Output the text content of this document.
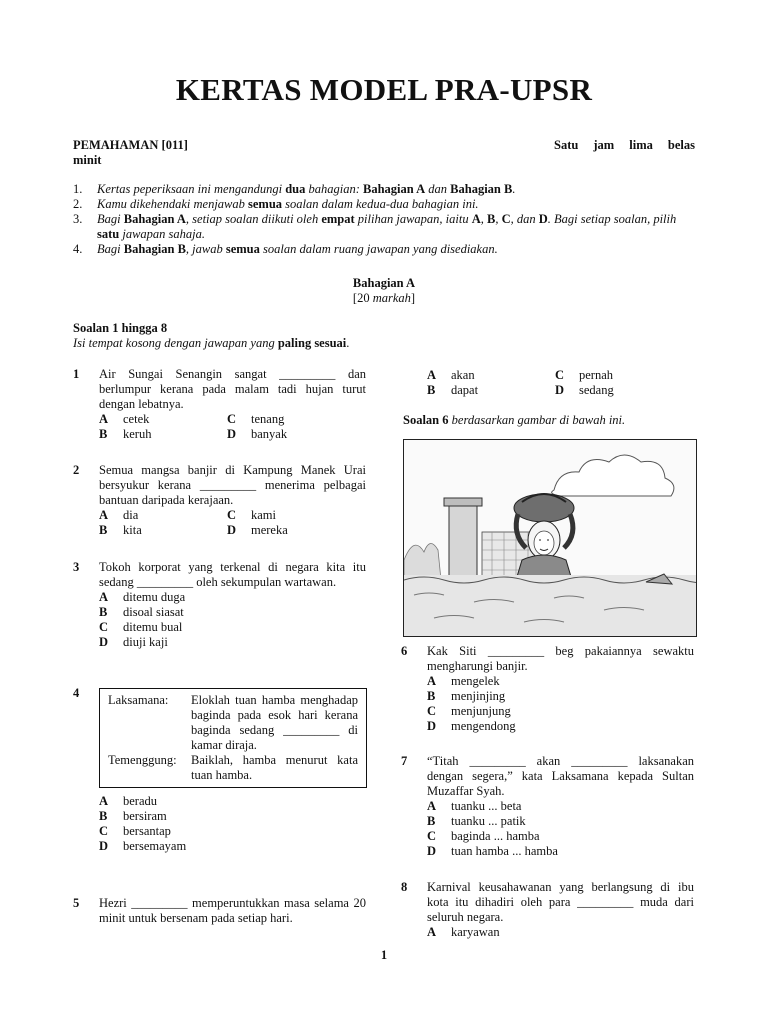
KERTAS MODEL PRA-UPSR
PEMAHAMAN [011]	Satu jam lima belas
minit
1.	Kertas peperiksaan ini mengandungi dua bahagian: Bahagian A dan Bahagian B.
2.	Kamu dikehendaki menjawab semua soalan dalam kedua-dua bahagian ini.
3.	Bagi Bahagian A, setiap soalan diikuti oleh empat pilihan jawapan, iaitu A, B, C, dan D. Bagi setiap soalan, pilih satu jawapan sahaja.
4.	Bagi Bahagian B, jawab semua soalan dalam ruang jawapan yang disediakan.
Bahagian A
[20 markah]
Soalan 1 hingga 8
Isi tempat kosong dengan jawapan yang paling sesuai.
1	Air Sungai Senangin sangat _________ dan berlumpur kerana pada malam tadi hujan turut dengan lebatnya.
A	cetek	C	tenang
B	keruh	D	banyak
2	Semua mangsa banjir di Kampung Manek Urai bersyukur kerana _________ menerima pelbagai bantuan daripada kerajaan.
A	dia	C	kami
B	kita	D	mereka
3	Tokoh korporat yang terkenal di negara kita itu sedang _________ oleh sekumpulan wartawan.
A	ditemu duga
B	disoal siasat
C	ditemu bual
D	diuji kaji
4	Laksamana:	Eloklah tuan hamba menghadap baginda pada esok hari kerana baginda sedang _________ di kamar diraja.
Temenggung:	Baiklah, hamba menurut kata tuan hamba.
A	beradu
B	bersiram
C	bersantap
D	bersemayam
5	Hezri _________ memperuntukkan masa selama 20 minit untuk bersenam pada setiap hari.
A	akan	C	pernah
B	dapat	D	sedang
Soalan 6 berdasarkan gambar di bawah ini.
6	Kak Siti _________ beg pakaiannya sewaktu mengharungi banjir.
A	mengelek
B	menjinjing
C	menjunjung
D	mengendong
7	“Titah _________ akan _________ laksanakan dengan segera,” kata Laksamana kepada Sultan Muzaffar Syah.
A	tuanku ... beta
B	tuanku ... patik
C	baginda ... hamba
D	tuan hamba ... hamba
8	Karnival keusahawanan yang berlangsung di ibu kota itu dihadiri oleh para _________ muda dari seluruh negara.
A	karyawan
1
